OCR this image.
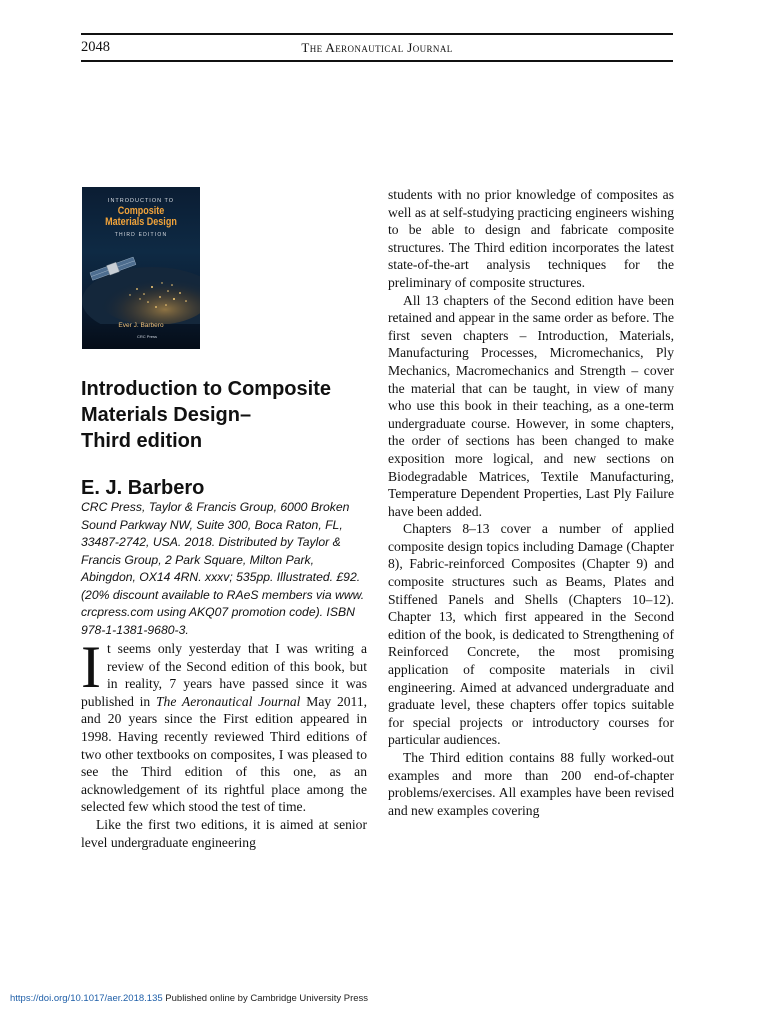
2048	The Aeronautical Journal
INTRODUCTION TO
Composite
Materials Design
THIRD EDITION
Ever J. Barbero
CRC Press
Introduction to Composite
Materials Design–
Third edition
E. J. Barbero
CRC Press, Taylor & Francis Group, 6000 Broken Sound Parkway NW, Suite 300, Boca Raton, FL, 33487-2742, USA. 2018. Distributed by Taylor & Francis Group, 2 Park Square, Milton Park, Abingdon, OX14 4RN. xxxv; 535pp. Illustrated. £92. (20% discount available to RAeS members via www. crcpress.com using AKQ07 promotion code). ISBN 978-1-1381-9680-3.

It seems only yesterday that I was writing a review of the Second edition of this book, but in reality, 7 years have passed since it was published in The Aeronautical Journal May 2011, and 20 years since the First edition appeared in 1998. Having recently reviewed Third editions of two other textbooks on composites, I was pleased to see the Third edition of this one, as an acknowledgement of its rightful place among the selected few which stood the test of time.

Like the first two editions, it is aimed at senior level undergraduate engineering

students with no prior knowledge of composites as well as at self-studying practicing engineers wishing to be able to design and fabricate composite structures. The Third edition incorporates the latest state-of-the-art analysis techniques for the preliminary of composite structures.

All 13 chapters of the Second edition have been retained and appear in the same order as before. The first seven chapters – Introduction, Materials, Manufacturing Processes, Micromechanics, Ply Mechanics, Macromechanics and Strength – cover the material that can be taught, in view of many who use this book in their teaching, as a one-term undergraduate course. However, in some chapters, the order of sections has been changed to make exposition more logical, and new sections on Biodegradable Matrices, Textile Manufacturing, Temperature Dependent Properties, Last Ply Failure have been added.

Chapters 8–13 cover a number of applied composite design topics including Damage (Chapter 8), Fabric-reinforced Composites (Chapter 9) and composite structures such as Beams, Plates and Stiffened Panels and Shells (Chapters 10–12). Chapter 13, which first appeared in the Second edition of the book, is dedicated to Strengthening of Reinforced Concrete, the most promising application of composite materials in civil engineering. Aimed at advanced undergraduate and graduate level, these chapters offer topics suitable for special projects or introductory courses for particular audiences.

The Third edition contains 88 fully worked-out examples and more than 200 end-of-chapter problems/exercises. All examples have been revised and new examples covering

https://doi.org/10.1017/aer.2018.135 Published online by Cambridge University Press
